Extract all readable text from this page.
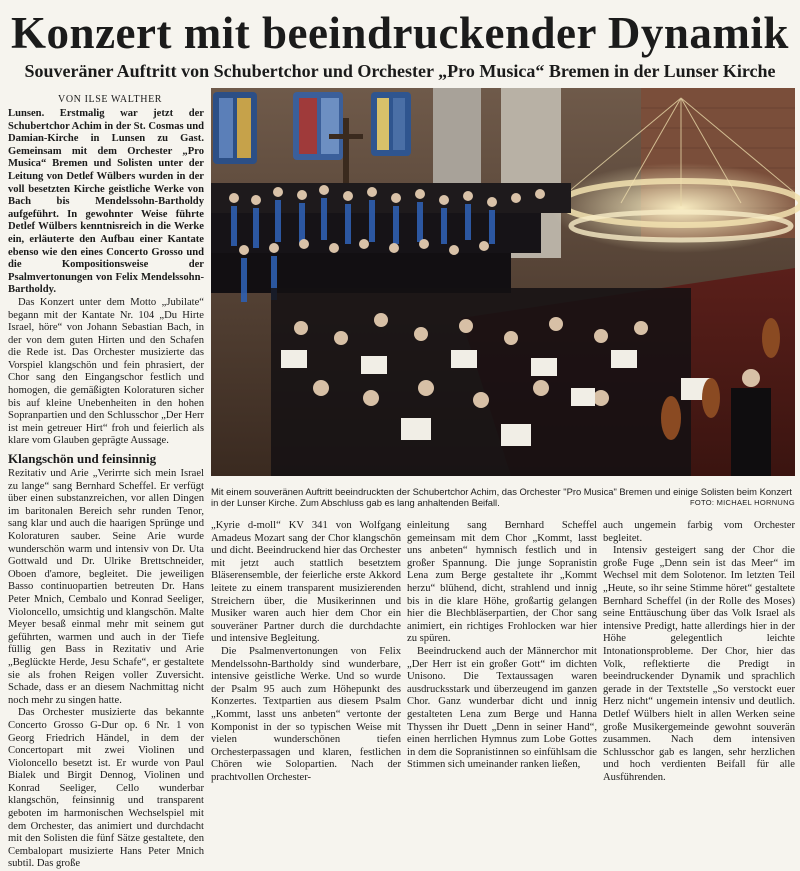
Konzert mit beeindruckender Dynamik
Souveräner Auftritt von Schubertchor und Orchester „Pro Musica“ Bremen in der Lunser Kirche
VON ILSE WALTHER

Lunsen. Erstmalig war jetzt der Schubertchor Achim in der St. Cosmas und Damian-Kirche in Lunsen zu Gast. Gemeinsam mit dem Orchester „Pro Musica“ Bremen und Solisten unter der Leitung von Detlef Wülbers wurden in der voll besetzten Kirche geistliche Werke von Bach bis Mendelssohn-Bartholdy aufgeführt. In gewohnter Weise führte Detlef Wülbers kenntnisreich in die Werke ein, erläuterte den Aufbau einer Kantate ebenso wie den eines Concerto Grosso und die Kompositionsweise der Psalmvertonungen von Felix Mendelssohn-Bartholdy.

Das Konzert unter dem Motto „Jubilate“ begann mit der Kantate Nr. 104 „Du Hirte Israel, höre“ von Johann Sebastian Bach, in der von dem guten Hirten und den Schafen die Rede ist. Das Orchester musizierte das Vorspiel klangschön und fein phrasiert, der Chor sang den Eingangschor festlich und homogen, die gemäßigten Koloraturen sicher bis auf kleine Unebenheiten in den hohen Sopranpartien und den Schlusschor „Der Herr ist mein getreuer Hirt“ froh und feierlich als klare vom Glauben geprägte Aussage.

Klangschön und feinsinnig

Rezitativ und Arie „Verirrte sich mein Israel zu lange“ sang Bernhard Scheffel. Er verfügt über einen substanzreichen, vor allen Dingen im baritonalen Bereich sehr runden Tenor, sang klar und auch die haarigen Sprünge und Koloraturen sauber. Seine Arie wurde wunderschön warm und intensiv von Dr. Uta Gottwald und Dr. Ulrike Brettschneider, Oboen d'amore, begleitet. Die jeweiligen Basso continuopartien betreuten Dr. Hans Peter Mnich, Cembalo und Konrad Seeliger, Violoncello, umsichtig und klangschön. Malte Meyer besaß einmal mehr mit seinem gut geführten, warmen und auch in der Tiefe füllig gen Bass in Rezitativ und Arie „Beglückte Herde, Jesu Schafe“, er gestaltete sie als frohen Reigen voller Zuversicht. Schade, dass er an diesem Nachmittag nicht noch mehr zu singen hatte.

Das Orchester musizierte das bekannte Concerto Grosso G-Dur op. 6 Nr. 1 von Georg Friedrich Händel, in dem der Concertopart mit zwei Violinen und Violoncello besetzt ist. Er wurde von Paul Bialek und Birgit Dennog, Violinen und Konrad Seeliger, Cello wunderbar klangschön, feinsinnig und transparent geboten im harmonischen Wechselspiel mit dem Orchester, das animiert und durchdacht mit den Solisten die fünf Sätze gestaltete, den Cembalopart musizierte Hans Peter Mnich subtil. Das große

Mit einem souveränen Auftritt beeindruckten der Schubertchor Achim, das Orchester "Pro Musica" Bremen und einige Solisten beim Konzert in der Lunser Kirche. Zum Abschluss gab es lang anhaltenden Beifall.	FOTO: MICHAEL HORNUNG

„Kyrie d-moll“ KV 341 von Wolfgang Amadeus Mozart sang der Chor klangschön und dicht. Beeindruckend hier das Orchester mit jetzt auch stattlich besetztem Bläserensemble, der feierliche erste Akkord leitete zu einem transparent musizierenden Streichern über, die Musikerinnen und Musiker waren auch hier dem Chor ein souveräner Partner durch die durchdachte und intensive Begleitung.

Die Psalmenvertonungen von Felix Mendelssohn-Bartholdy sind wunderbare, intensive geistliche Werke. Und so wurde der Psalm 95 auch zum Höhepunkt des Konzertes. Textpartien aus diesem Psalm „Kommt, lasst uns anbeten“ vertonte der Komponist in der so typischen Weise mit vielen wunderschönen tiefen Orchesterpassagen und klaren, festlichen Chören wie Solopartien. Nach der prachtvollen Orchester-

einleitung sang Bernhard Scheffel gemeinsam mit dem Chor „Kommt, lasst uns anbeten“ hymnisch festlich und in großer Spannung. Die junge Sopranistin Lena zum Berge gestaltete ihr „Kommt herzu“ blühend, dicht, strahlend und innig bis in die klare Höhe, großartig gelangen hier die Blechbläserpartien, der Chor sang animiert, ein richtiges Frohlocken war hier zu spüren.

Beeindruckend auch der Männerchor mit „Der Herr ist ein großer Gott“ im dichten Unisono. Die Textaussagen waren ausdrucksstark und überzeugend im ganzen Chor. Ganz wunderbar dicht und innig gestalteten Lena zum Berge und Hanna Thyssen ihr Duett „Denn in seiner Hand“, einen herrlichen Hymnus zum Lobe Gottes in dem die Sopranistinnen so einfühlsam die Stimmen sich umeinander ranken ließen,

auch ungemein farbig vom Orchester begleitet.

Intensiv gesteigert sang der Chor die große Fuge „Denn sein ist das Meer“ im Wechsel mit dem Solotenor. Im letzten Teil „Heute, so ihr seine Stimme höret“ gestaltete Bernhard Scheffel (in der Rolle des Moses) seine Enttäuschung über das Volk Israel als intensive Predigt, hatte allerdings hier in der Höhe gelegentlich leichte Intonationsprobleme. Der Chor, hier das Volk, reflektierte die Predigt in beeindruckender Dynamik und sprachlich gerade in der Textstelle „So verstockt euer Herz nicht“ ungemein intensiv und deutlich. Detlef Wülbers hielt in allen Werken seine große Musikergemeinde gewohnt souverän zusammen. Nach dem intensiven Schlusschor gab es langen, sehr herzlichen und hoch verdienten Beifall für alle Ausführenden.
